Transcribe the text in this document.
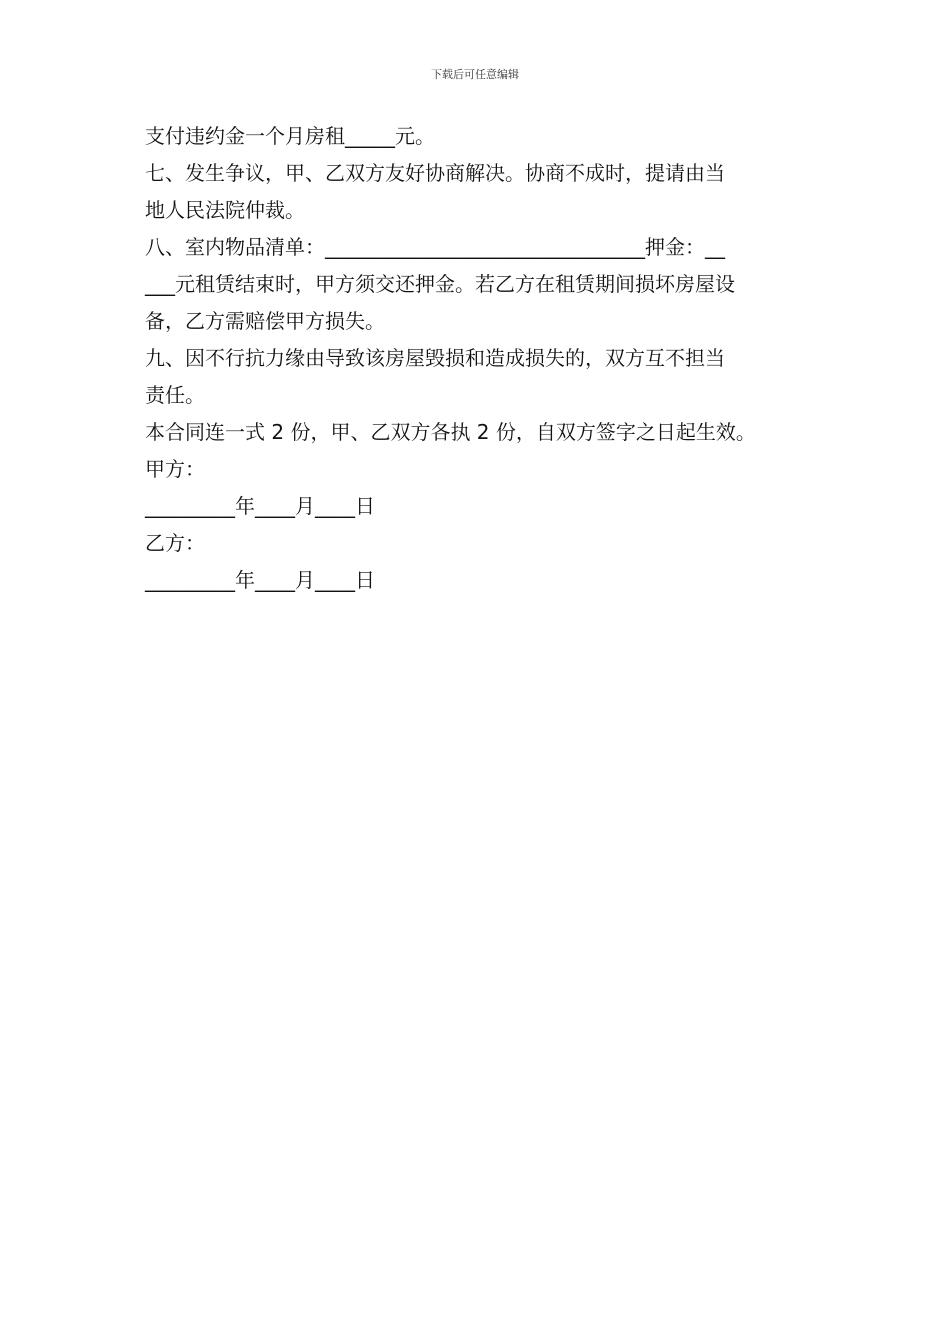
下载后可任意编辑
支付违约金一个月房租_____元。
七、发生争议，甲、乙双方友好协商解决。协商不成时，提请由当
地人民法院仲裁。
八、室内物品清单：________________________________押金：__
___元租赁结束时，甲方须交还押金。若乙方在租赁期间损坏房屋设
备，乙方需赔偿甲方损失。
九、因不行抗力缘由导致该房屋毁损和造成损失的，双方互不担当
责任。
本合同连一式 2 份，甲、乙双方各执 2 份，自双方签字之日起生效。
甲方：
_________年____月____日
乙方：
_________年____月____日
